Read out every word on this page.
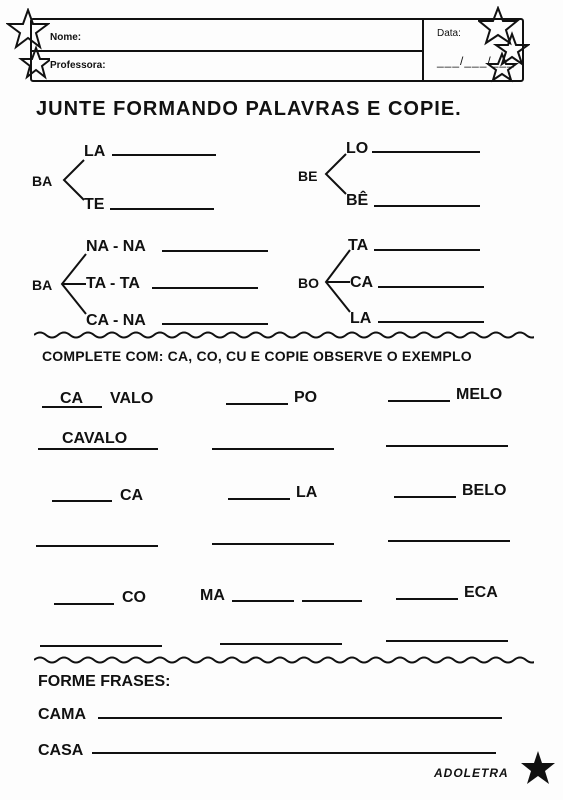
Nome:
Professora:
Data:
___/___/___
JUNTE FORMANDO PALAVRAS E COPIE.
BA
LA
TE
BE
LO
BÊ
BA
NA - NA
TA - TA
CA - NA
BO
TA
CA
LA
COMPLETE COM: CA, CO, CU E COPIE OBSERVE O EXEMPLO
CA VALO	PO	MELO
CAVALO
CA	LA	BELO
CO	MA	ECA
FORME FRASES:
CAMA
CASA
ADOLETRA
